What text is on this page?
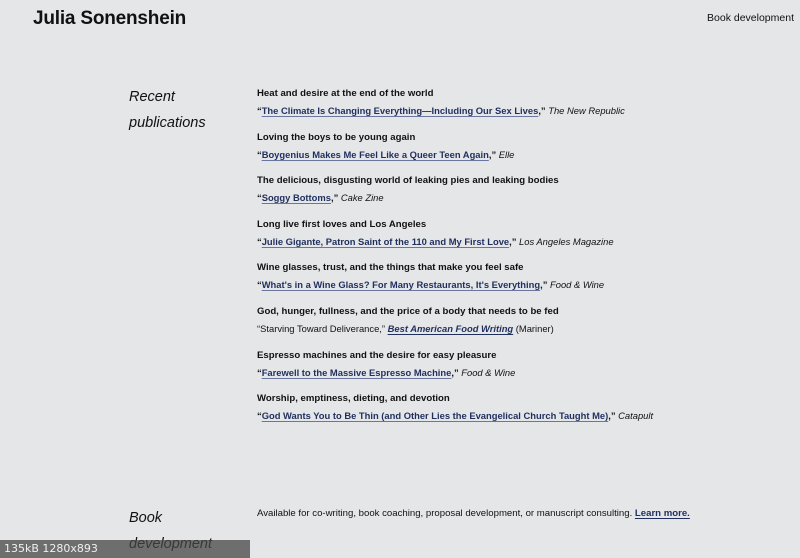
Julia Sonenshein	Book development
Recent publications
Heat and desire at the end of the world
“The Climate Is Changing Everything—Including Our Sex Lives,” The New Republic
Loving the boys to be young again
“Boygenius Makes Me Feel Like a Queer Teen Again,” Elle
The delicious, disgusting world of leaking pies and leaking bodies
“Soggy Bottoms,” Cake Zine
Long live first loves and Los Angeles
“Julie Gigante, Patron Saint of the 110 and My First Love,” Los Angeles Magazine
Wine glasses, trust, and the things that make you feel safe
“What's in a Wine Glass? For Many Restaurants, It's Everything,” Food & Wine
God, hunger, fullness, and the price of a body that needs to be fed
“Starving Toward Deliverance,” Best American Food Writing (Mariner)
Espresso machines and the desire for easy pleasure
“Farewell to the Massive Espresso Machine,” Food & Wine
Worship, emptiness, dieting, and devotion
“God Wants You to Be Thin (and Other Lies the Evangelical Church Taught Me),” Catapult
Book	Available for co-writing, book coaching, proposal development, or manuscript consulting. Learn more.

135kB 1280x893
